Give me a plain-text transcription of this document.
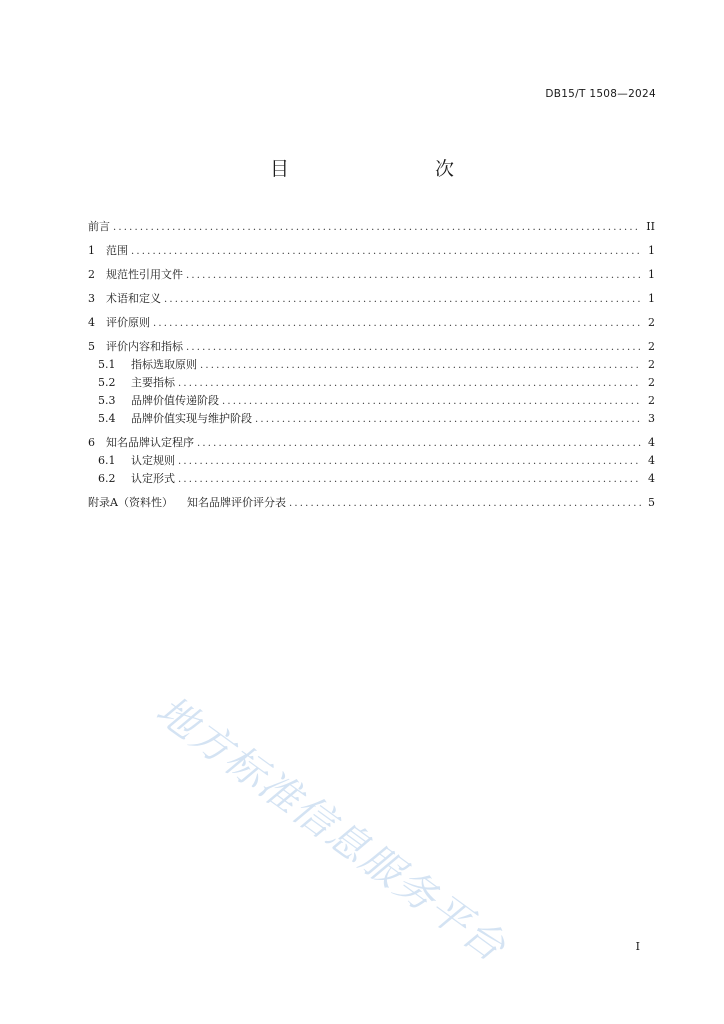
DB15/T 1508—2024
目　　次
前言 .....	II
1	范围 .....	1
2	规范性引用文件 .....	1
3	术语和定义 .....	1
4	评价原则 .....	2
5	评价内容和指标 .....	2
5.1	指标选取原则 .....	2
5.2	主要指标 .....	2
5.3	品牌价值传递阶段 .....	2
5.4	品牌价值实现与维护阶段 .....	3
6	知名品牌认定程序 .....	4
6.1	认定规则 .....	4
6.2	认定形式 .....	4
附录A（资料性）	知名品牌评价评分表 .....	5
地方标准信息服务平台	I
